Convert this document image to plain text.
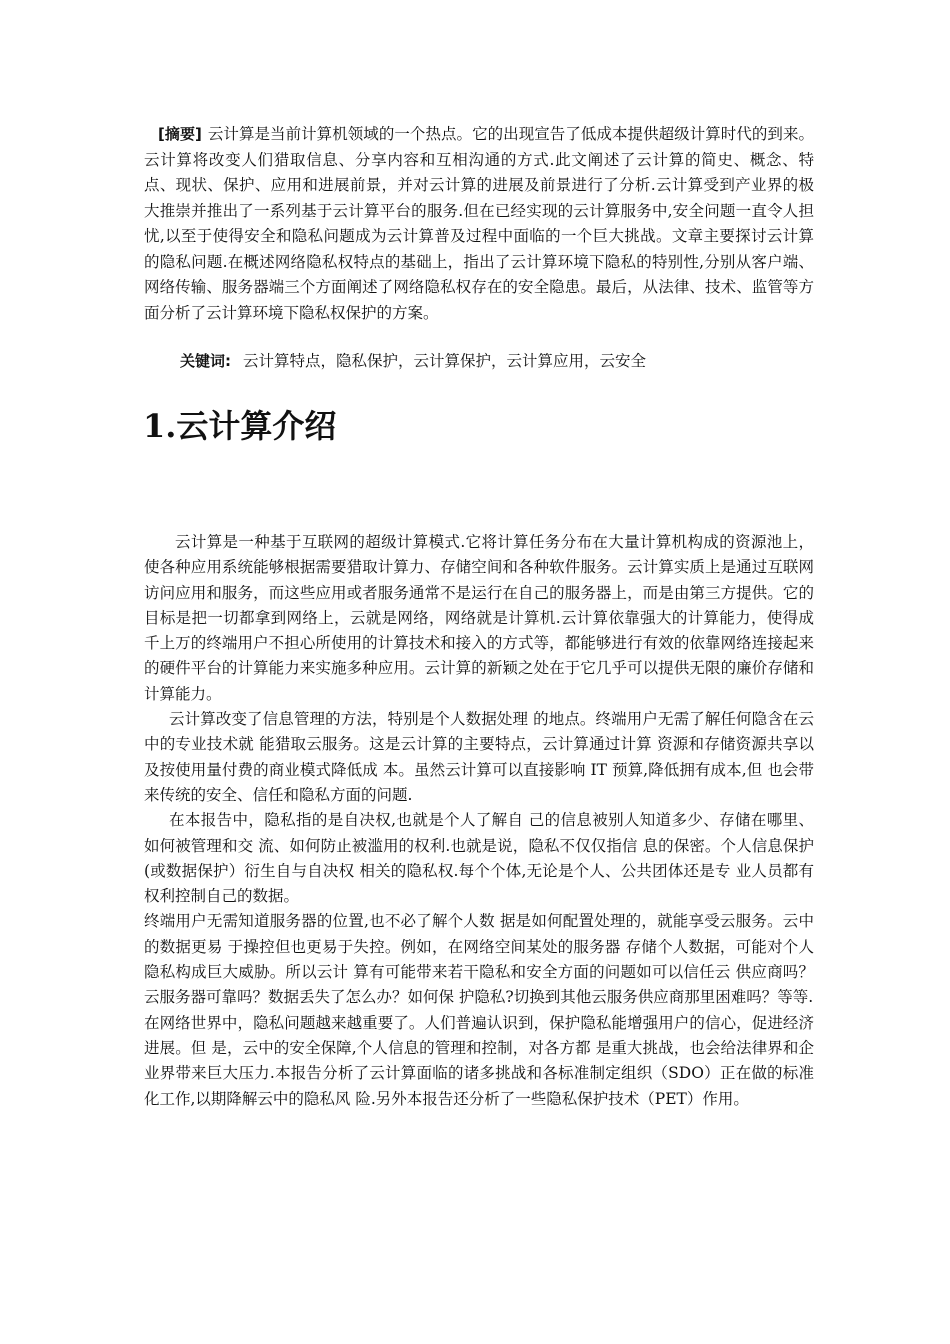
[摘要] 云计算是当前计算机领域的一个热点。它的出现宣告了低成本提供超级计算时代的到来。云计算将改变人们猎取信息、分享内容和互相沟通的方式.此文阐述了云计算的简史、概念、特点、现状、保护、应用和进展前景，并对云计算的进展及前景进行了分析.云计算受到产业界的极大推崇并推出了一系列基于云计算平台的服务.但在已经实现的云计算服务中,安全问题一直令人担忧,以至于使得安全和隐私问题成为云计算普及过程中面临的一个巨大挑战。文章主要探讨云计算的隐私问题.在概述网络隐私权特点的基础上，指出了云计算环境下隐私的特别性,分别从客户端、网络传输、服务器端三个方面阐述了网络隐私权存在的安全隐患。最后，从法律、技术、监管等方面分析了云计算环境下隐私权保护的方案。
关键词: 云计算特点，隐私保护，云计算保护，云计算应用，云安全
1.云计算介绍

云计算是一种基于互联网的超级计算模式.它将计算任务分布在大量计算机构成的资源池上，使各种应用系统能够根据需要猎取计算力、存储空间和各种软件服务。云计算实质上是通过互联网访问应用和服务，而这些应用或者服务通常不是运行在自己的服务器上，而是由第三方提供。它的目标是把一切都拿到网络上，云就是网络，网络就是计算机.云计算依靠强大的计算能力，使得成千上万的终端用户不担心所使用的计算技术和接入的方式等，都能够进行有效的依靠网络连接起来的硬件平台的计算能力来实施多种应用。云计算的新颖之处在于它几乎可以提供无限的廉价存储和计算能力。

云计算改变了信息管理的方法，特别是个人数据处理 的地点。终端用户无需了解任何隐含在云中的专业技术就 能猎取云服务。这是云计算的主要特点，云计算通过计算 资源和存储资源共享以及按使用量付费的商业模式降低成 本。虽然云计算可以直接影响 IT 预算,降低拥有成本,但 也会带来传统的安全、信任和隐私方面的问题.

在本报告中，隐私指的是自决权,也就是个人了解自 己的信息被别人知道多少、存储在哪里、如何被管理和交 流、如何防止被滥用的权利.也就是说，隐私不仅仅指信 息的保密。个人信息保护(或数据保护）衍生自与自决权 相关的隐私权.每个个体,无论是个人、公共团体还是专 业人员都有权利控制自己的数据。

终端用户无需知道服务器的位置,也不必了解个人数 据是如何配置处理的，就能享受云服务。云中的数据更易 于操控但也更易于失控。例如，在网络空间某处的服务器 存储个人数据，可能对个人隐私构成巨大威胁。所以云计 算有可能带来若干隐私和安全方面的问题如可以信任云 供应商吗？云服务器可靠吗？数据丢失了怎么办？如何保 护隐私?切换到其他云服务供应商那里困难吗？等等.

在网络世界中，隐私问题越来越重要了。人们普遍认识到，保护隐私能增强用户的信心，促进经济进展。但 是，云中的安全保障,个人信息的管理和控制，对各方都 是重大挑战，也会给法律界和企业界带来巨大压力.本报告分析了云计算面临的诸多挑战和各标准制定组织（SDO）正在做的标准化工作,以期降解云中的隐私风 险.另外本报告还分析了一些隐私保护技术（PET）作用。
